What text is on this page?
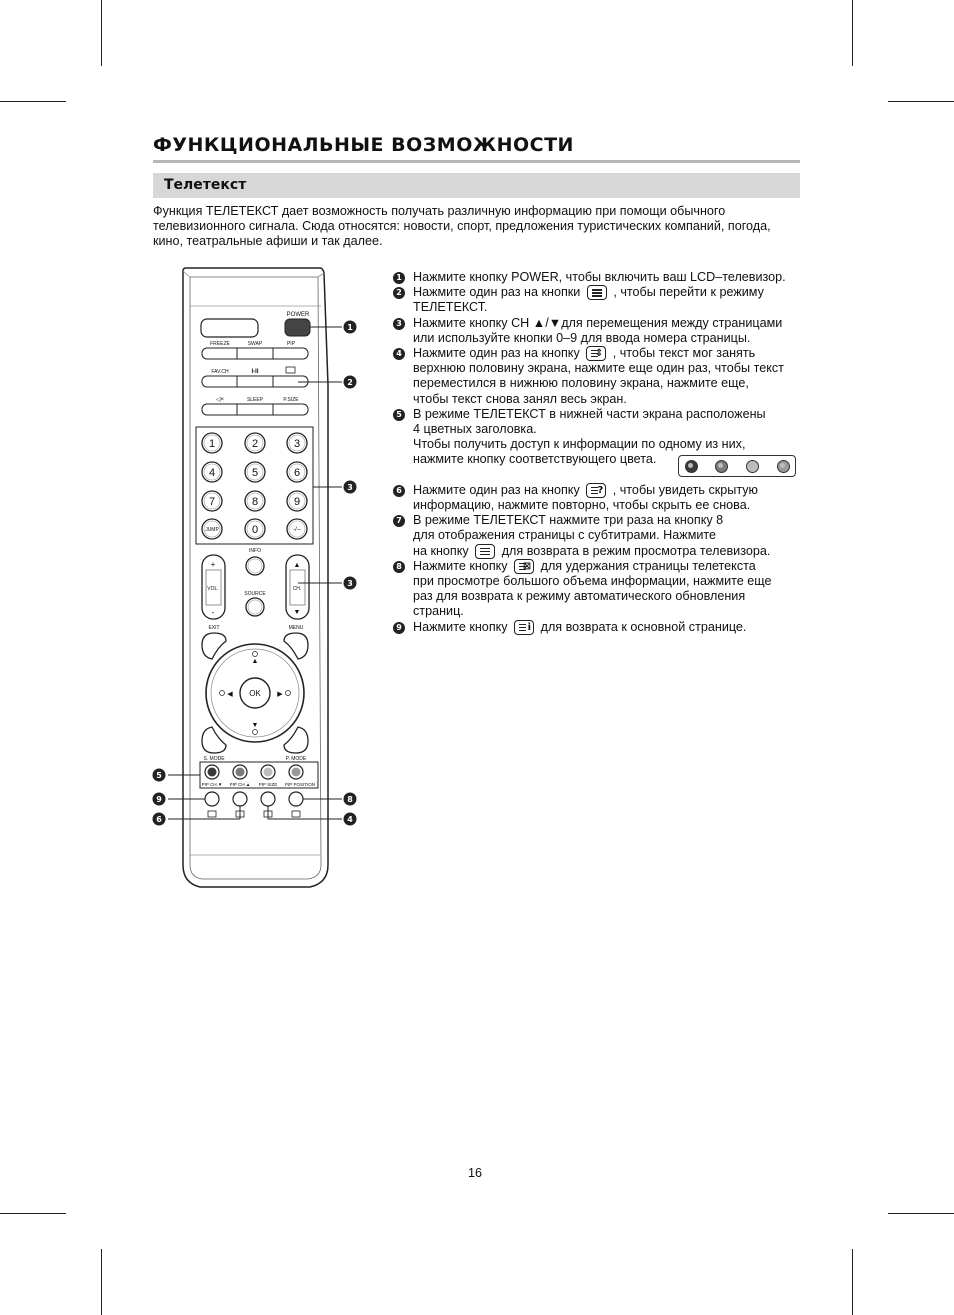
ФУНКЦИОНАЛЬНЫЕ ВОЗМОЖНОСТИ
Телетекст

Функция ТЕЛЕТЕКСТ дает возможность получать различную информацию при помощи обычного
телевизионного сигнала. Сюда относятся: новости, спорт, предложения туристических компаний, погода,
кино, театральные афиши и так далее.

POWER
FREEZE	SWAP	PIP
FAV.CH	I-II
◁×	SLEEP	P.SIZE
1	2	3
4	5	6
7	8	9
JUMP	0	-/--
+
VOL.
-
▲
CH.
▼
INFO
SOURCE
EXIT	MENU
OK
▲
▼
◀	▶
S. MODE	P. MODE
PIP CH.▼ PIP CH.▲ PIP SIZE PIP POSITION
1
2
3
3
5
9
6
8
4
1 Нажмите кнопку POWER, чтобы включить ваш LCD–телевизор.
2 Нажмите один раз на кнопки	, чтобы перейти к режиму
ТЕЛЕТЕКСТ.
3 Нажмите кнопку CH ▲/▼для перемещения между страницами
или используйте кнопки 0–9 для ввода номера страницы.
4 Нажмите один раз на кнопку ⇕ , чтобы текст мог занять
верхнюю половину экрана, нажмите еще один раз, чтобы текст
переместился в нижнюю половину экрана, нажмите еще,
чтобы текст снова занял весь экран.
5 В режиме ТЕЛЕТЕКСТ в нижней части экрана расположены
4 цветных заголовка.
Чтобы получить доступ к информации по одному из них,
нажмите кнопку соответствующего цвета.
6 Нажмите один раз на кнопку ? , чтобы увидеть скрытую
информацию, нажмите повторно, чтобы скрыть ее снова.
7 В режиме ТЕЛЕТЕКСТ нажмите три раза на кнопку 8
для отображения страницы с субтитрами. Нажмите
на кнопку	для возврата в режим просмотра телевизора.
8 Нажмите кнопку ⊠ для удержания страницы телетекста
при просмотре большого объема информации, нажмите еще
раз для возврата к режиму автоматического обновления
страниц.
9 Нажмите кнопку i для возврата к основной странице.
16
